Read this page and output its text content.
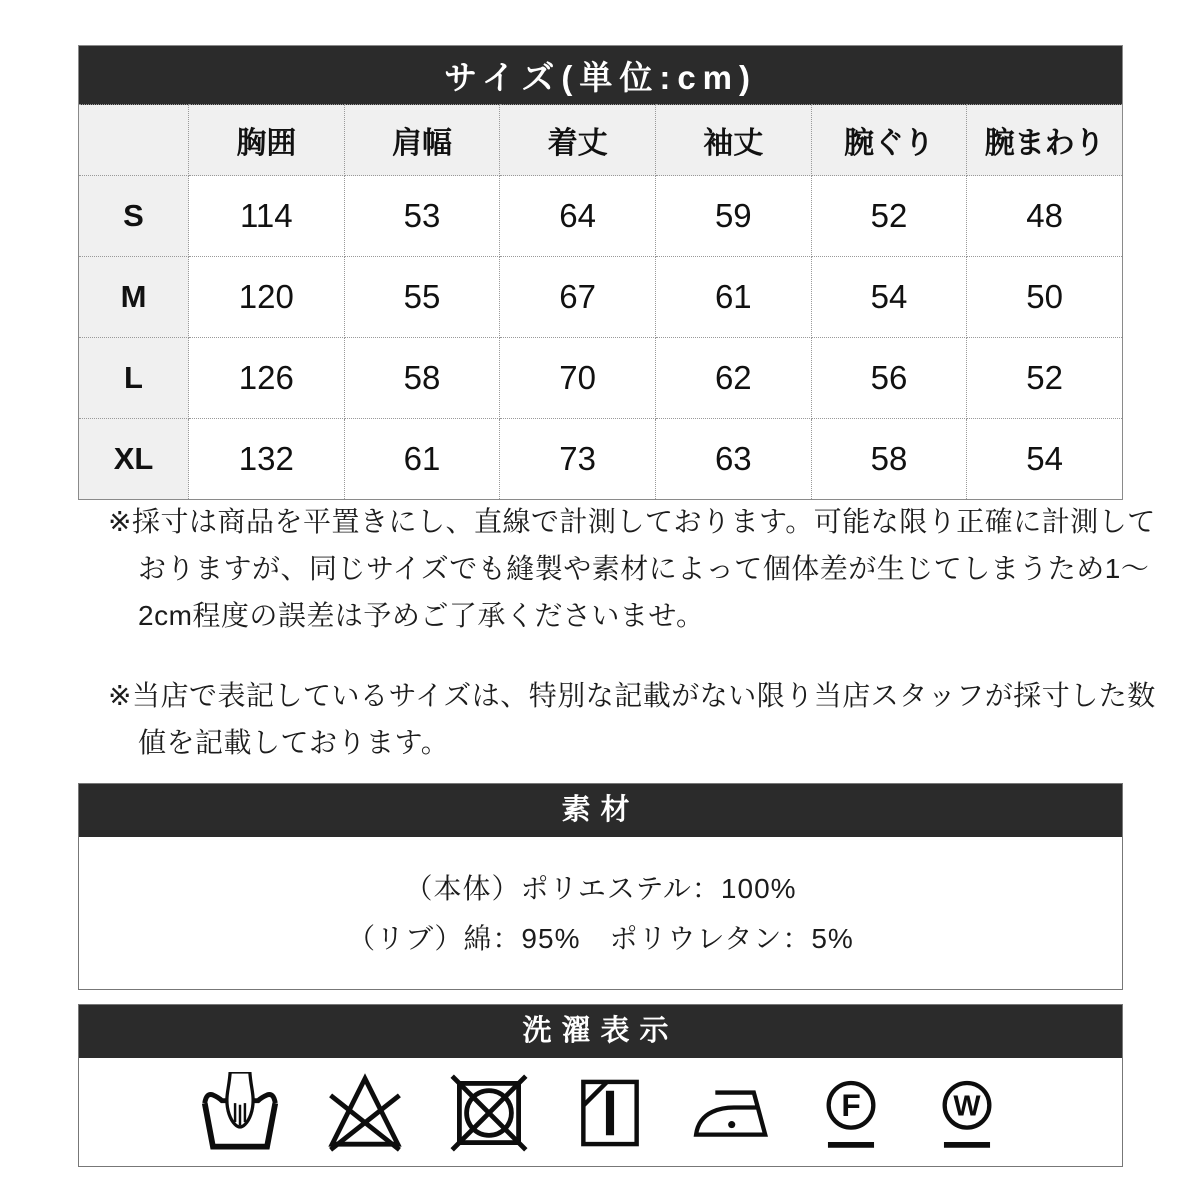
サイズ(単位:cm)						
	胸囲	肩幅	着丈	袖丈	腕ぐり	腕まわり
S	114	53	64	59	52	48
M	120	55	67	61	54	50
L	126	58	70	62	56	52
XL	132	61	73	63	58	54
※採寸は商品を平置きにし、直線で計測しております。可能な限り正確に計測しておりますが、同じサイズでも縫製や素材によって個体差が生じてしまうため1〜2cm程度の誤差は予めご了承くださいませ。
※当店で表記しているサイズは、特別な記載がない限り当店スタッフが採寸した数値を記載しております。
素材
（本体）ポリエステル：100%
（リブ）綿：95%　ポリウレタン：5%
洗濯表示
F W
